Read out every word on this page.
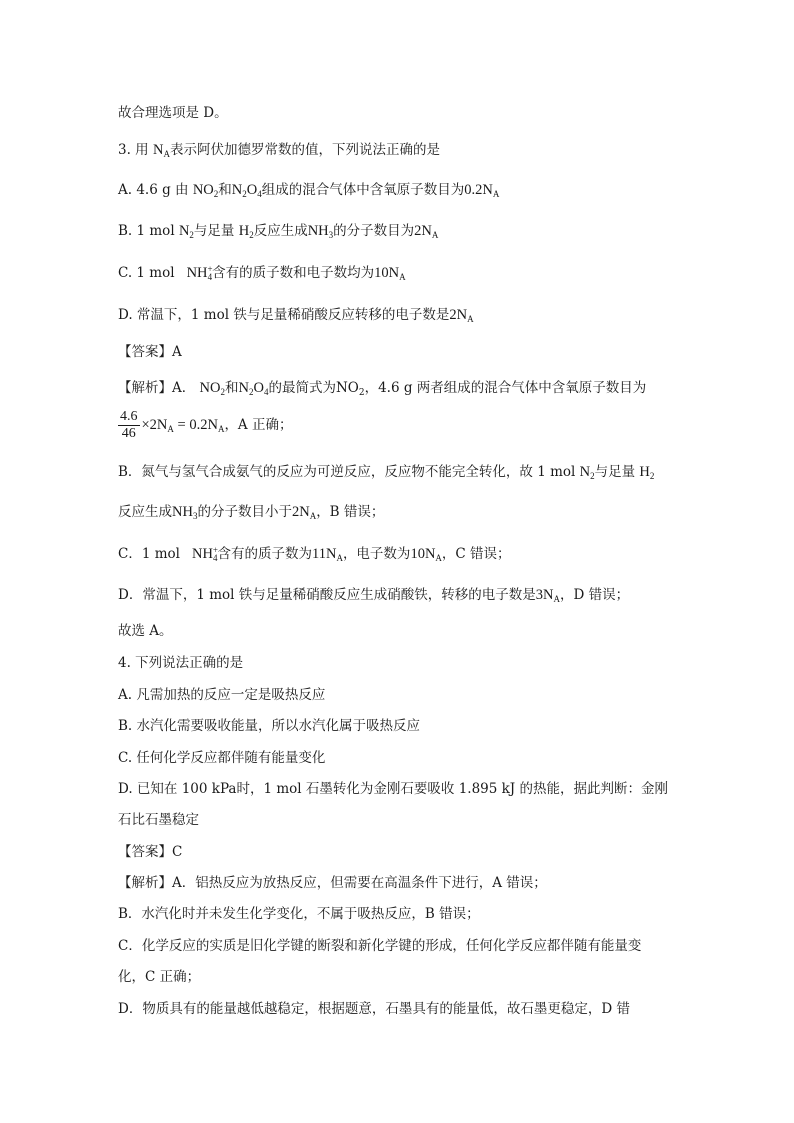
故合理选项是 D。
3. 用 $N_A$表示阿伏加德罗常数的值，下列说法正确的是
A. 4.6 g 由 $NO_2$和$N_2O_4$组成的混合气体中含氧原子数目为$0.2N_A$
B. 1 mol $N_2$与足量 $H_2$反应生成$NH_3$的分子数目为$2N_A$
C. 1 mol $NH^+_4$含有的质子数和电子数均为$10N_A$
D. 常温下，1 mol 铁与足量稀硝酸反应转移的电子数是$2N_A$
【答案】A
【解析】A． $NO_2$和$N_2O_4$的最简式为$NO_2$，4.6 g 两者组成的混合气体中含氧原子数目为
$\frac{4.6}{46} \times 2N_A = 0.2N_A$，A 正确；
B．氮气与氢气合成氨气的反应为可逆反应，反应物不能完全转化，故 1 mol $N_2$与足量 $H_2$
反应生成$NH_3$的分子数目小于$2N_A$，B 错误；
C．1 mol $NH^+_4$含有的质子数为$11N_A$，电子数为$10N_A$，C 错误；
D．常温下，1 mol 铁与足量稀硝酸反应生成硝酸铁，转移的电子数是$3N_A$，D 错误；
故选 A。
4. 下列说法正确的是
A. 凡需加热的反应一定是吸热反应
B. 水汽化需要吸收能量，所以水汽化属于吸热反应
C. 任何化学反应都伴随有能量变化
D. 已知在 100 kPa时，1 mol 石墨转化为金刚石要吸收 1.895 kJ 的热能，据此判断：金刚
石比石墨稳定
【答案】C
【解析】A．铝热反应为放热反应，但需要在高温条件下进行，A 错误；
B．水汽化时并未发生化学变化，不属于吸热反应，B 错误；
C．化学反应的实质是旧化学键的断裂和新化学键的形成，任何化学反应都伴随有能量变
化，C 正确；
D．物质具有的能量越低越稳定，根据题意，石墨具有的能量低，故石墨更稳定，D 错
